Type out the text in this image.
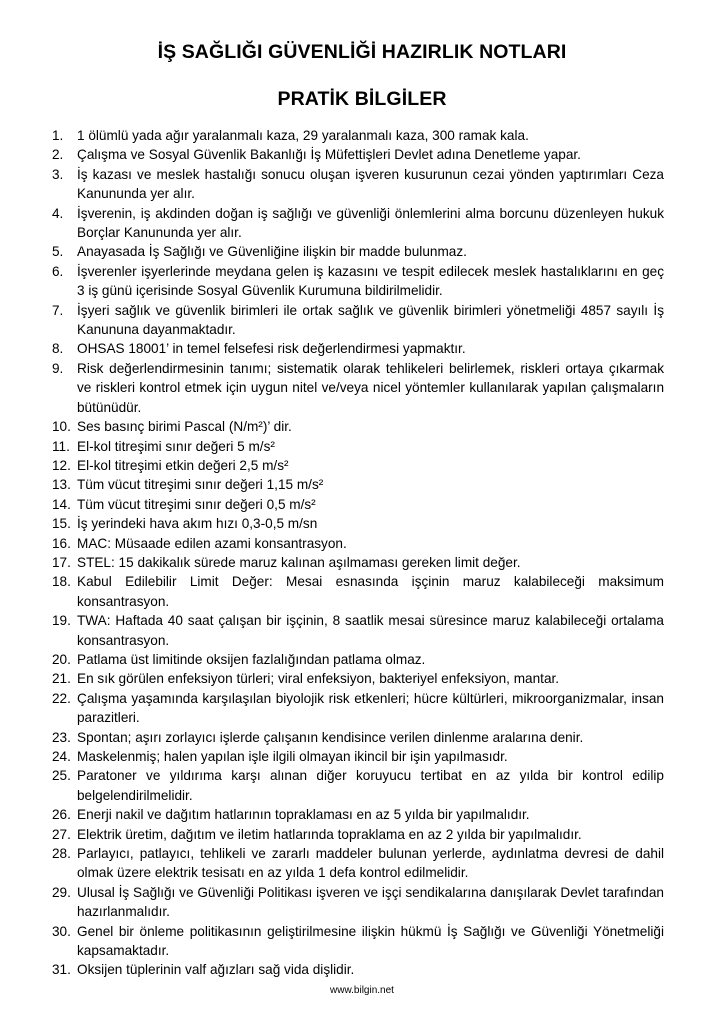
İŞ SAĞLIĞI GÜVENLİĞİ HAZIRLIK NOTLARI
PRATİK BİLGİLER
1.	1 ölümlü yada ağır yaralanmalı kaza, 29 yaralanmalı kaza, 300 ramak kala.
2.	Çalışma ve Sosyal Güvenlik Bakanlığı İş Müfettişleri Devlet adına Denetleme yapar.
3.	İş kazası ve meslek hastalığı sonucu oluşan işveren kusurunun cezai yönden yaptırımları Ceza Kanununda yer alır.
4.	İşverenin, iş akdinden doğan iş sağlığı ve güvenliği önlemlerini alma borcunu düzenleyen hukuk Borçlar Kanununda yer alır.
5.	Anayasada İş Sağlığı ve Güvenliğine ilişkin bir madde bulunmaz.
6.	İşverenler işyerlerinde meydana gelen iş kazasını ve tespit edilecek meslek hastalıklarını en geç 3 iş günü içerisinde Sosyal Güvenlik Kurumuna bildirilmelidir.
7.	İşyeri sağlık ve güvenlik birimleri ile ortak sağlık ve güvenlik birimleri yönetmeliği 4857 sayılı İş Kanununa dayanmaktadır.
8.	OHSAS 18001’ in temel felsefesi risk değerlendirmesi yapmaktır.
9.	Risk değerlendirmesinin tanımı; sistematik olarak tehlikeleri belirlemek, riskleri ortaya çıkarmak ve riskleri kontrol etmek için uygun nitel ve/veya nicel yöntemler kullanılarak yapılan çalışmaların bütünüdür.
10. Ses basınç birimi Pascal (N/m²)’ dir.
11. El-kol titreşimi sınır değeri 5 m/s²
12. El-kol titreşimi etkin değeri 2,5 m/s²
13. Tüm vücut titreşimi sınır değeri 1,15 m/s²
14. Tüm vücut titreşimi sınır değeri 0,5 m/s²
15. İş yerindeki hava akım hızı 0,3-0,5 m/sn
16. MAC: Müsaade edilen azami konsantrasyon.
17. STEL: 15 dakikalık sürede maruz kalınan aşılmaması gereken limit değer.
18. Kabul Edilebilir Limit Değer: Mesai esnasında işçinin maruz kalabileceği maksimum konsantrasyon.
19. TWA: Haftada 40 saat çalışan bir işçinin, 8 saatlik mesai süresince maruz kalabileceği ortalama konsantrasyon.
20. Patlama üst limitinde oksijen fazlalığından patlama olmaz.
21. En sık görülen enfeksiyon türleri; viral enfeksiyon, bakteriyel enfeksiyon, mantar.
22. Çalışma yaşamında karşılaşılan biyolojik risk etkenleri; hücre kültürleri, mikroorganizmalar, insan parazitleri.
23. Spontan; aşırı zorlayıcı işlerde çalışanın kendisince verilen dinlenme aralarına denir.
24. Maskelenmiş; halen yapılan işle ilgili olmayan ikincil bir işin yapılmasıdr.
25. Paratoner ve yıldırıma karşı alınan diğer koruyucu tertibat en az yılda bir kontrol edilip belgelendirilmelidir.
26. Enerji nakil ve dağıtım hatlarının topraklaması en az 5 yılda bir yapılmalıdır.
27. Elektrik üretim, dağıtım ve iletim hatlarında topraklama en az 2 yılda bir yapılmalıdır.
28. Parlayıcı, patlayıcı, tehlikeli ve zararlı maddeler bulunan yerlerde, aydınlatma devresi de dahil olmak üzere elektrik tesisatı en az yılda 1 defa kontrol edilmelidir.
29. Ulusal İş Sağlığı ve Güvenliği Politikası işveren ve işçi sendikalarına danışılarak Devlet tarafından hazırlanmalıdır.
30. Genel bir önleme politikasının geliştirilmesine ilişkin hükmü İş Sağlığı ve Güvenliği Yönetmeliği kapsamaktadır.
31. Oksijen tüplerinin valf ağızları sağ vida dişlidir.
www.bilgin.net
